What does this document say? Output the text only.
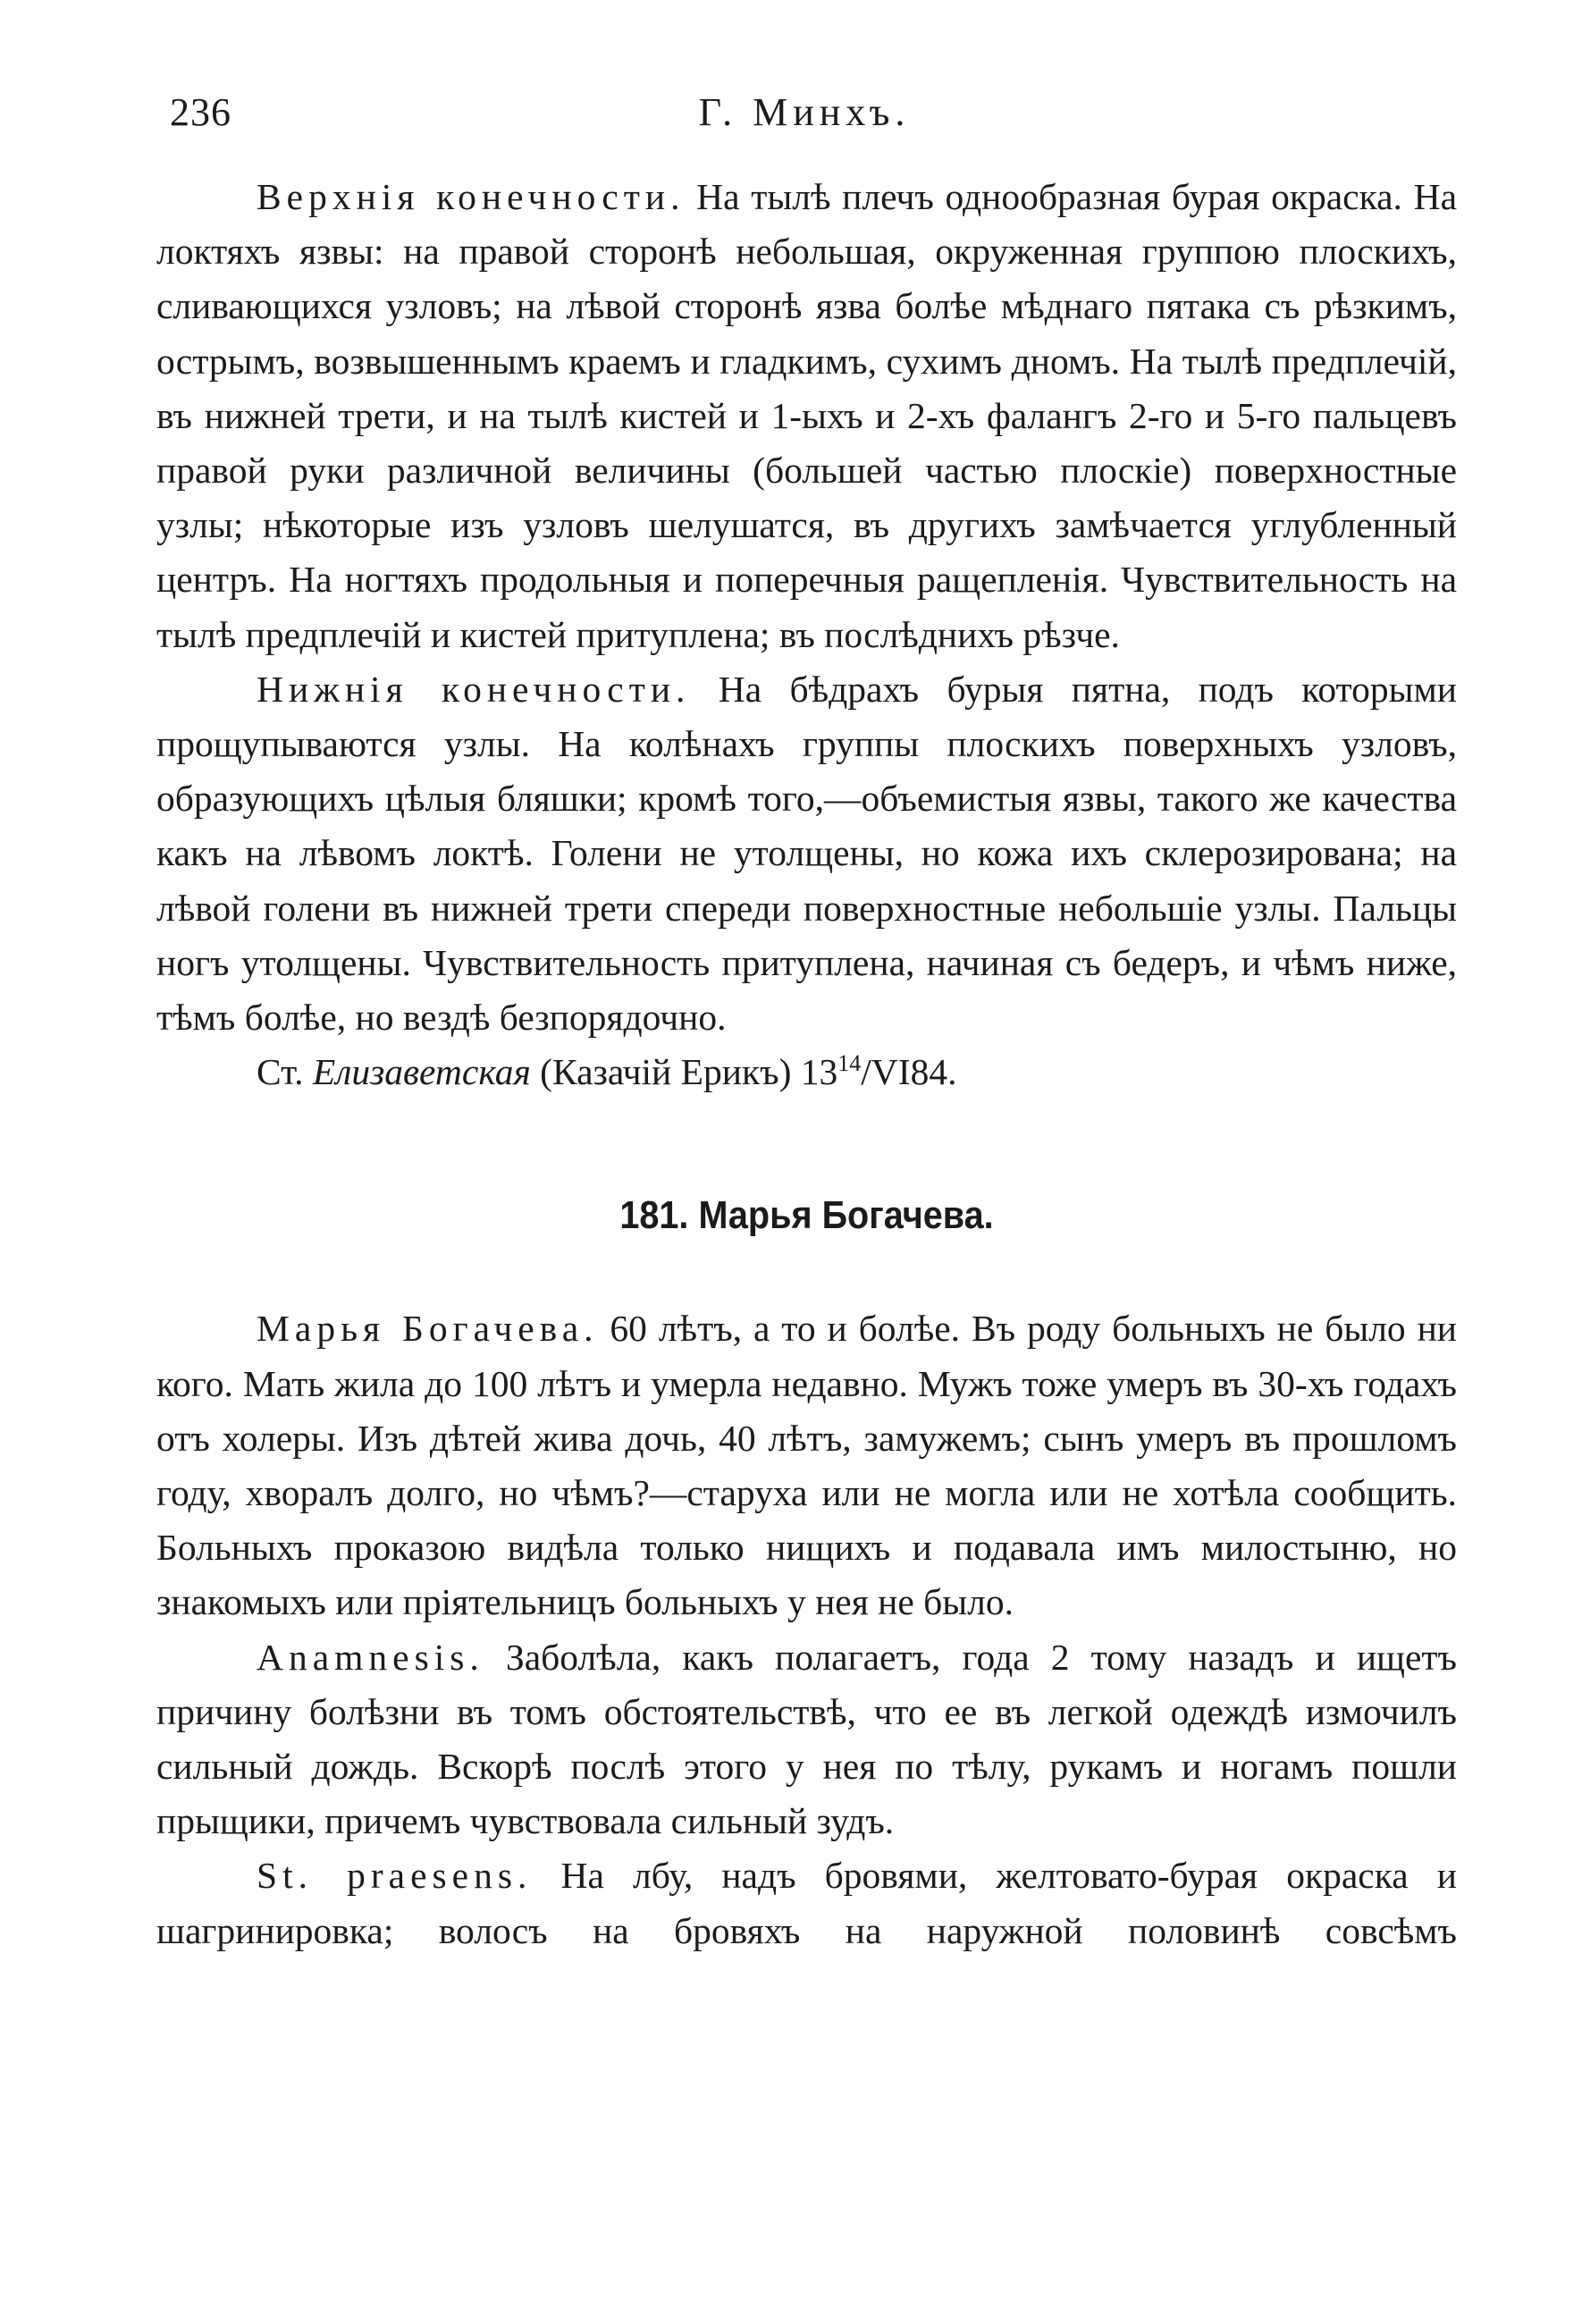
236	Г. Минхъ.

Верхнія конечности. На тылѣ плечъ однообразная бурая окраска. На локтяхъ язвы: на правой сторонѣ небольшая, окруженная группою плоскихъ, сливающихся узловъ; на лѣвой сторонѣ язва болѣе мѣднаго пятака съ рѣзкимъ, острымъ, возвышеннымъ краемъ и гладкимъ, сухимъ дномъ. На тылѣ предплечій, въ нижней трети, и на тылѣ кистей и 1-ыхъ и 2-хъ фалангъ 2-го и 5-го пальцевъ правой руки различной величины (большей частью плоскіе) поверхностные узлы; нѣкоторые изъ узловъ шелушатся, въ другихъ замѣчается углубленный центръ. На ногтяхъ продольныя и поперечныя ращепленія. Чувствительность на тылѣ предплечій и кистей притуплена; въ послѣднихъ рѣзче.

Нижнія конечности. На бѣдрахъ бурыя пятна, подъ которыми прощупываются узлы. На колѣнахъ группы плоскихъ поверхныхъ узловъ, образующихъ цѣлыя бляшки; кромѣ того,—объемистыя язвы, такого же качества какъ на лѣвомъ локтѣ. Голени не утолщены, но кожа ихъ склерозирована; на лѣвой голени въ нижней трети спереди поверхностные небольшіе узлы. Пальцы ногъ утолщены. Чувствительность притуплена, начиная съ бедеръ, и чѣмъ ниже, тѣмъ болѣе, но вездѣ безпорядочно.

Ст. Елизаветская (Казачій Ерикъ) $13^{14}/VI84$.

181. Марья Богачева.

Марья Богачева. 60 лѣтъ, а то и болѣе. Въ роду больныхъ не было ни кого. Мать жила до 100 лѣтъ и умерла недавно. Мужъ тоже умеръ въ 30-хъ годахъ отъ холеры. Изъ дѣтей жива дочь, 40 лѣтъ, замужемъ; сынъ умеръ въ прошломъ году, хворалъ долго, но чѣмъ?—старуха или не могла или не хотѣла сообщить. Больныхъ проказою видѣла только нищихъ и подавала имъ милостыню, но знакомыхъ или пріятельницъ больныхъ у нея не было.

Anamnesis. Заболѣла, какъ полагаетъ, года 2 тому назадъ и ищетъ причину болѣзни въ томъ обстоятельствѣ, что ее въ легкой одеждѣ измочилъ сильный дождь. Вскорѣ послѣ этого у нея по тѣлу, рукамъ и ногамъ пошли прыщики, причемъ чувствовала сильный зудъ.

St. praesens. На лбу, надъ бровями, желтовато-бурая окраска и шагринировка; волосъ на бровяхъ на наружной половинѣ совсѣмъ
